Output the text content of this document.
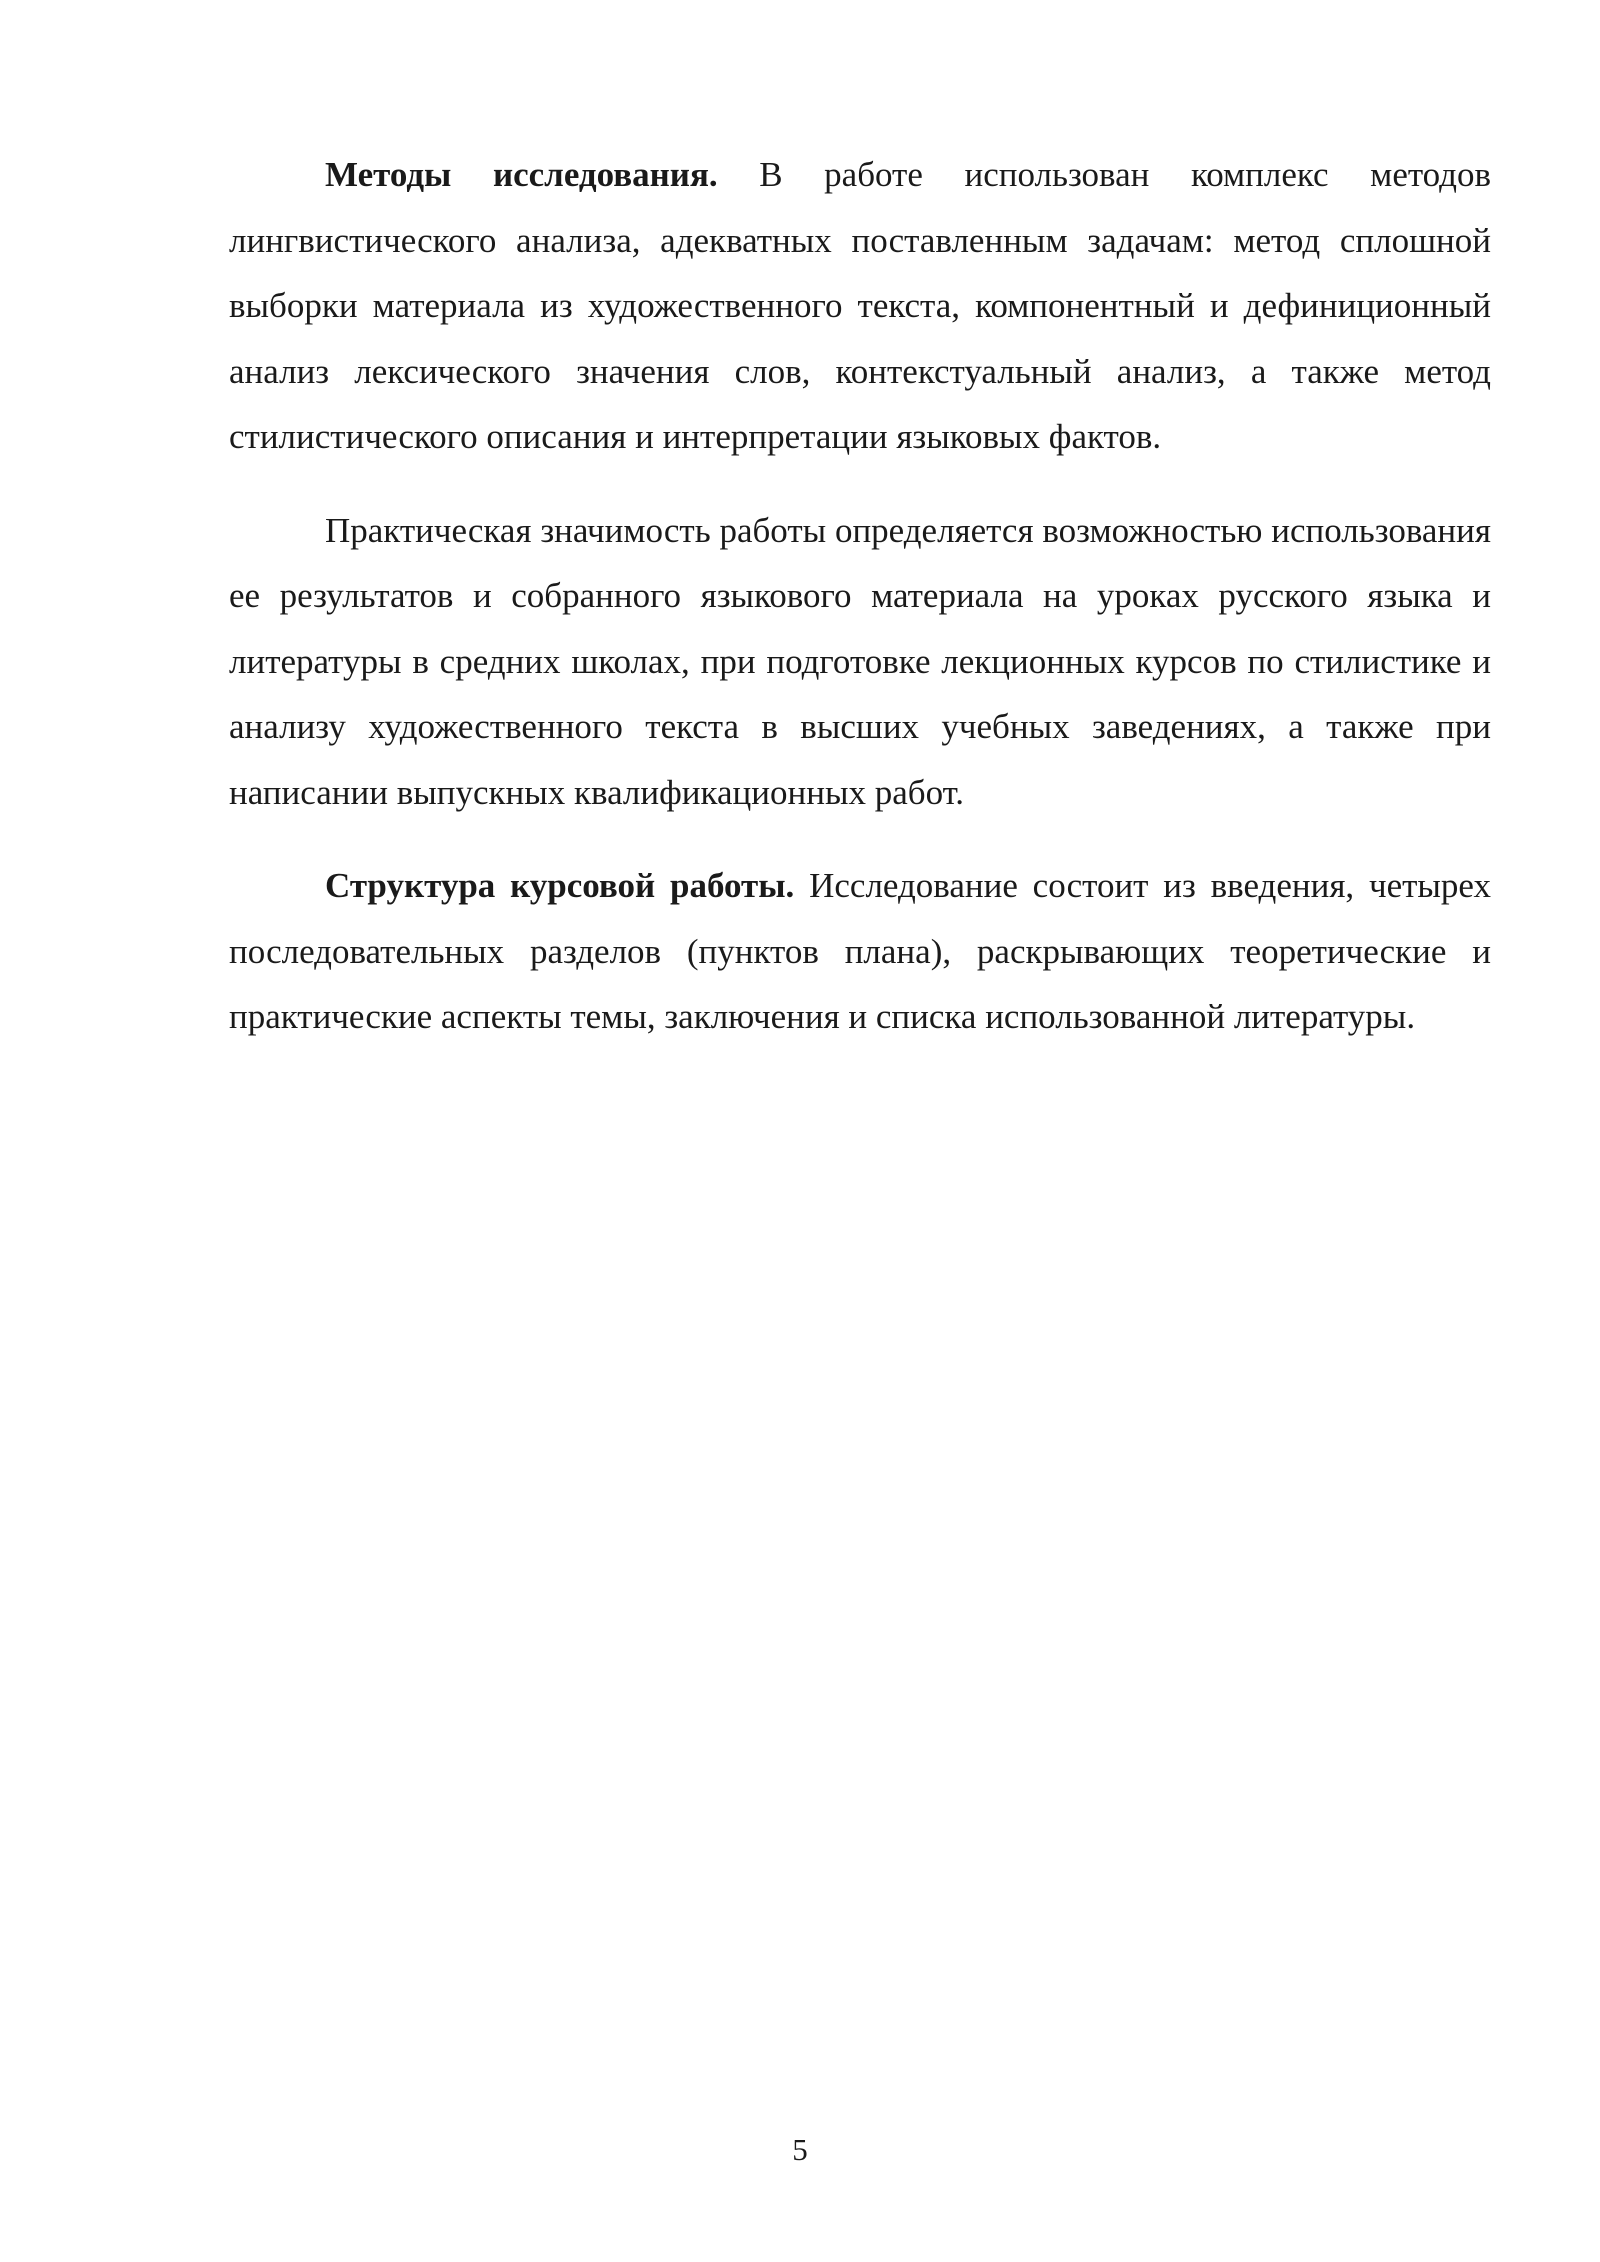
Методы исследования. В работе использован комплекс методов лингвистического анализа, адекватных поставленным задачам: метод сплошной выборки материала из художественного текста, компонентный и дефиниционный анализ лексического значения слов, контекстуальный анализ, а также метод стилистического описания и интерпретации языковых фактов.

Практическая значимость работы определяется возможностью использования ее результатов и собранного языкового материала на уроках русского языка и литературы в средних школах, при подготовке лекционных курсов по стилистике и анализу художественного текста в высших учебных заведениях, а также при написании выпускных квалификационных работ.

Структура курсовой работы. Исследование состоит из введения, четырех последовательных разделов (пунктов плана), раскрывающих теоретические и практические аспекты темы, заключения и списка использованной литературы.

5
